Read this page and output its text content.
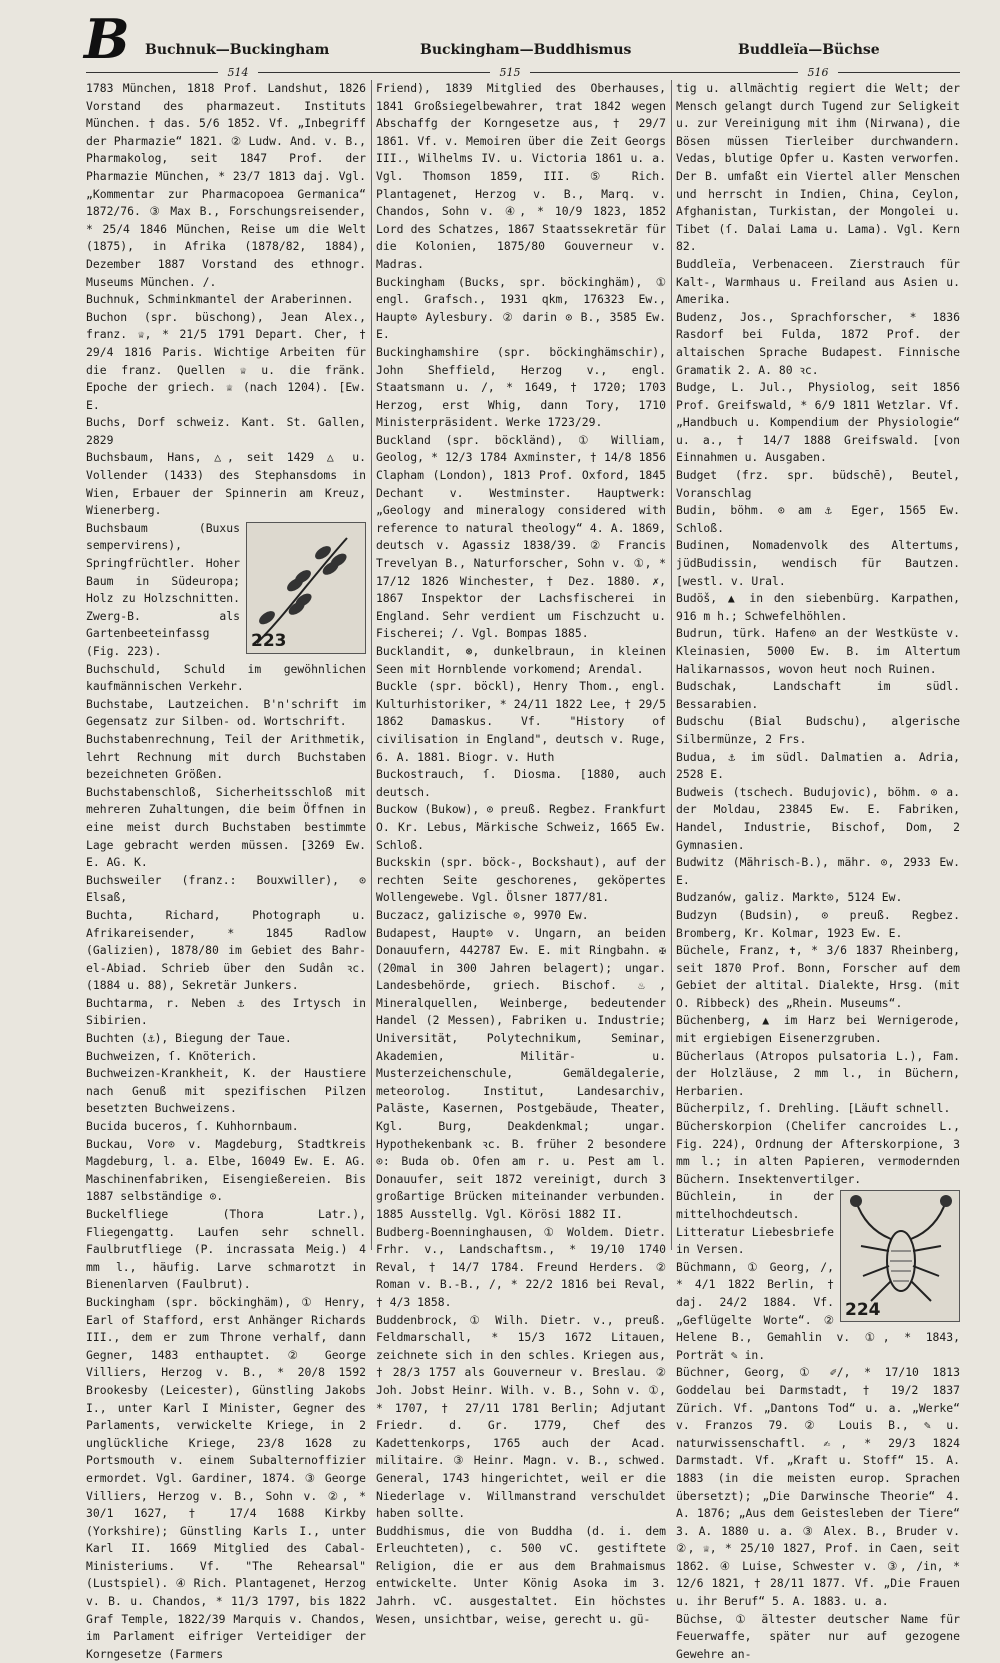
B Buchnuk—Buckingham	Buckingham—Buddhismus	Buddleïa—Büchse
514	515	516

1783 München, 1818 Prof. Landshut, 1826 Vorstand des pharmazeut. Instituts München. † das. 5/6 1852. Vf. „Inbegriff der Pharmazie“ 1821. ② Ludw. And. v. B., Pharmakolog, seit 1847 Prof. der Pharmazie München, * 23/7 1813 daj. Vgl. „Kommentar zur Pharmacopoea Germanica“ 1872/76. ③ Max B., Forschungsreisender, * 25/4 1846 München, Reise um die Welt (1875), in Afrika (1878/82, 1884), Dezember 1887 Vorstand des ethnogr. Museums München. /.

Buchnuk, Schminkmantel der Araberinnen.

Buchon (spr. büschong), Jean Alex., franz. ♕, * 21/5 1791 Depart. Cher, † 29/4 1816 Paris. Wichtige Arbeiten für die franz. Quellen ♕ u. die fränk. Epoche der griech. ♕ (nach 1204). [Ew. E.

Buchs, Dorf schweiz. Kant. St. Gallen, 2829

Buchsbaum, Hans, △, seit 1429 △ u. Vollender (1433) des Stephansdoms in Wien, Erbauer der Spinnerin am Kreuz, Wienerberg.

223

Buchsbaum (Buxus sempervirens), Springfrüchtler. Hoher Baum in Südeuropa; Holz zu Holzschnitten. Zwerg-B. als Gartenbeeteinfassg (Fig. 223).

Buchschuld, Schuld im gewöhnlichen kaufmännischen Verkehr.

Buchstabe, Lautzeichen. B'n'schrift im Gegensatz zur Silben- od. Wortschrift.

Buchstabenrechnung, Teil der Arithmetik, lehrt Rechnung mit durch Buchstaben bezeichneten Größen.

Buchstabenschloß, Sicherheitsschloß mit mehreren Zuhaltungen, die beim Öffnen in eine meist durch Buchstaben bestimmte Lage gebracht werden müssen. [3269 Ew. E. AG. K.

Buchsweiler (franz.: Bouxwiller), ⊙ Elsaß,

Buchta, Richard, Photograph u. Afrikareisender, * 1845 Radlow (Galizien), 1878/80 im Gebiet des Bahr-el-Abiad. Schrieb über den Sudân ꝛc. (1884 u. 88), Sekretär Junkers.

Buchtarma, r. Neben ⚓ des Irtysch in Sibirien.

Buchten (⚓), Biegung der Taue.

Buchweizen, ſ. Knöterich.

Buchweizen-Krankheit, K. der Haustiere nach Genuß mit spezifischen Pilzen besetzten Buchweizens.

Bucida buceros, ſ. Kuhhornbaum.

Buckau, Vor⊙ v. Magdeburg, Stadtkreis Magdeburg, l. a. Elbe, 16049 Ew. E. AG. Maschinenfabriken, Eisengießereien. Bis 1887 selbständige ⊙.

Buckelfliege (Thora Latr.), Fliegengattg. Laufen sehr schnell. Faulbrutfliege (P. incrassata Meig.) 4 mm l., häufig. Larve schmarotzt in Bienenlarven (Faulbrut).

Buckingham (spr. böckinghäm), ① Henry, Earl of Stafford, erst Anhänger Richards III., dem er zum Throne verhalf, dann Gegner, 1483 enthauptet. ② George Villiers, Herzog v. B., * 20/8 1592 Brookesby (Leicester), Günstling Jakobs I., unter Karl I Minister, Gegner des Parlaments, verwickelte Kriege, in 2 unglückliche Kriege, 23/8 1628 zu Portsmouth v. einem Subalternoffizier ermordet. Vgl. Gardiner, 1874. ③ George Villiers, Herzog v. B., Sohn v. ②, * 30/1 1627, † 17/4 1688 Kirkby (Yorkshire); Günstling Karls I., unter Karl II. 1669 Mitglied des Cabal-Ministeriums. Vf. "The Rehearsal" (Lustspiel). ④ Rich. Plantagenet, Herzog v. B. u. Chandos, * 11/3 1797, bis 1822 Graf Temple, 1822/39 Marquis v. Chandos, im Parlament eifriger Verteidiger der Korngesetze (Farmers

Friend), 1839 Mitglied des Oberhauses, 1841 Großsiegelbewahrer, trat 1842 wegen Abschaffg der Korngesetze aus, † 29/7 1861. Vf. v. Memoiren über die Zeit Georgs III., Wilhelms IV. u. Victoria 1861 u. a. Vgl. Thomson 1859, III. ⑤ Rich. Plantagenet, Herzog v. B., Marq. v. Chandos, Sohn v. ④, * 10/9 1823, 1852 Lord des Schatzes, 1867 Staatssekretär für die Kolonien, 1875/80 Gouverneur v. Madras.

Buckingham (Bucks, spr. böckinghäm), ① engl. Grafsch., 1931 qkm, 176323 Ew., Haupt⊙ Aylesbury. ② darin ⊙ B., 3585 Ew. E.

Buckinghamshire (spr. böckinghämschir), John Sheffield, Herzog v., engl. Staatsmann u. /, * 1649, † 1720; 1703 Herzog, erst Whig, dann Tory, 1710 Ministerpräsident. Werke 1723/29.

Buckland (spr. böckländ), ① William, Geolog, * 12/3 1784 Axminster, † 14/8 1856 Clapham (London), 1813 Prof. Oxford, 1845 Dechant v. Westminster. Hauptwerk: „Geology and mineralogy considered with reference to natural theology“ 4. A. 1869, deutsch v. Agassiz 1838/39. ② Francis Trevelyan B., Naturforscher, Sohn v. ①, * 17/12 1826 Winchester, † Dez. 1880. ✗, 1867 Inspektor der Lachsfischerei in England. Sehr verdient um Fischzucht u. Fischerei; /. Vgl. Bompas 1885.

Bucklandit, ⊛, dunkelbraun, in kleinen Seen mit Hornblende vorkomend; Arendal.

Buckle (spr. böckl), Henry Thom., engl. Kulturhistoriker, * 24/11 1822 Lee, † 29/5 1862 Damaskus. Vf. "History of civilisation in England", deutsch v. Ruge, 6. A. 1881. Biogr. v. Huth

Buckostrauch, ſ. Diosma. [1880, auch deutsch.

Buckow (Bukow), ⊙ preuß. Regbez. Frankfurt O. Kr. Lebus, Märkische Schweiz, 1665 Ew. Schloß.

Buckskin (spr. böck-, Bockshaut), auf der rechten Seite geschorenes, geköpertes Wollengewebe. Vgl. Ölsner 1877/81.

Buczacz, galizische ⊙, 9970 Ew.

Budapest, Haupt⊙ v. Ungarn, an beiden Donauufern, 442787 Ew. E. mit Ringbahn. ✠ (20mal in 300 Jahren belagert); ungar. Landesbehörde, griech. Bischof. ♨, Mineralquellen, Weinberge, bedeutender Handel (2 Messen), Fabriken u. Industrie; Universität, Polytechnikum, Seminar, Akademien, Militär- u. Musterzeichenschule, Gemäldegalerie, meteorolog. Institut, Landesarchiv, Paläste, Kasernen, Postgebäude, Theater, Kgl. Burg, Deakdenkmal; ungar. Hypothekenbank ꝛc. B. früher 2 besondere ⊙: Buda ob. Ofen am r. u. Pest am l. Donauufer, seit 1872 vereinigt, durch 3 großartige Brücken miteinander verbunden. 1885 Ausstellg. Vgl. Körösi 1882 II.

Budberg-Boenninghausen, ① Woldem. Dietr. Frhr. v., Landschaftsm., * 19/10 1740 Reval, † 14/7 1784. Freund Herders. ② Roman v. B.-B., /, * 22/2 1816 bei Reval, † 4/3 1858.

Buddenbrock, ① Wilh. Dietr. v., preuß. Feldmarschall, * 15/3 1672 Litauen, zeichnete sich in den schles. Kriegen aus, † 28/3 1757 als Gouverneur v. Breslau. ② Joh. Jobst Heinr. Wilh. v. B., Sohn v. ①, * 1707, † 27/11 1781 Berlin; Adjutant Friedr. d. Gr. 1779, Chef des Kadettenkorps, 1765 auch der Acad. militaire. ③ Heinr. Magn. v. B., schwed. General, 1743 hingerichtet, weil er die Niederlage v. Willmanstrand verschuldet haben sollte.

Buddhismus, die von Buddha (d. i. dem Erleuchteten), c. 500 vC. gestiftete Religion, die er aus dem Brahmaismus entwickelte. Unter König Asoka im 3. Jahrh. vC. ausgestaltet. Ein höchstes Wesen, unsichtbar, weise, gerecht u. gü-

tig u. allmächtig regiert die Welt; der Mensch gelangt durch Tugend zur Seligkeit u. zur Vereinigung mit ihm (Nirwana), die Bösen müssen Tierleiber durchwandern. Vedas, blutige Opfer u. Kasten verworfen. Der B. umfaßt ein Viertel aller Menschen und herrscht in Indien, China, Ceylon, Afghanistan, Turkistan, der Mongolei u. Tibet (ſ. Dalai Lama u. Lama). Vgl. Kern 82.

Buddleïa, Verbenaceen. Zierstrauch für Kalt-, Warmhaus u. Freiland aus Asien u. Amerika.

Budenz, Jos., Sprachforscher, * 1836 Rasdorf bei Fulda, 1872 Prof. der altaischen Sprache Budapest. Finnische Gramatik 2. A. 80 ꝛc.

Budge, L. Jul., Physiolog, seit 1856 Prof. Greifswald, * 6/9 1811 Wetzlar. Vf. „Handbuch u. Kompendium der Physiologie“ u. a., † 14/7 1888 Greifswald. [von Einnahmen u. Ausgaben.

Budget (frz. spr. büdschē), Beutel, Voranschlag

Budin, böhm. ⊙ am ⚓ Eger, 1565 Ew. Schloß.

Budinen, Nomadenvolk des Altertums, jüdBudissin, wendisch für Bautzen. [westl. v. Ural.

Budöš, ▲ in den siebenbürg. Karpathen, 916 m h.; Schwefelhöhlen.

Budrun, türk. Hafen⊙ an der Westküste v. Kleinasien, 5000 Ew. B. im Altertum Halikarnassos, wovon heut noch Ruinen.

Budschak, Landschaft im südl. Bessarabien.

Budschu (Bial Budschu), algerische Silbermünze, 2 Frs.

Budua, ⚓ im südl. Dalmatien a. Adria, 2528 E.

Budweis (tschech. Budujovic), böhm. ⊙ a. der Moldau, 23845 Ew. E. Fabriken, Handel, Industrie, Bischof, Dom, 2 Gymnasien.

Budwitz (Mährisch-B.), mähr. ⊙, 2933 Ew. E.

Budzanów, galiz. Markt⊙, 5124 Ew.

Budzyn (Budsin), ⊙ preuß. Regbez. Bromberg, Kr. Kolmar, 1923 Ew. E.

Büchele, Franz, ✝, * 3/6 1837 Rheinberg, seit 1870 Prof. Bonn, Forscher auf dem Gebiet der altital. Dialekte, Hrsg. (mit O. Ribbeck) des „Rhein. Museums“.

Büchenberg, ▲ im Harz bei Wernigerode, mit ergiebigen Eisenerzgruben.

Bücherlaus (Atropos pulsatoria L.), Fam. der Holzläuse, 2 mm l., in Büchern, Herbarien.

Bücherpilz, ſ. Drehling. [Läuft schnell.

Bücherskorpion (Chelifer cancroides L., Fig. 224), Ordnung der Afterskorpione, 3 mm l.; in alten Papieren, vermodernden Büchern. Insektenvertilger.

224

Büchlein, in der mittelhochdeutsch. Litteratur Liebesbriefe in Versen.

Büchmann, ① Georg, /, * 4/1 1822 Berlin, † daj. 24/2 1884. Vf. „Geflügelte Worte“. ② Helene B., Gemahlin v. ①, * 1843, Porträt ✎ in.

Büchner, Georg, ① ✐/, * 17/10 1813 Goddelau bei Darmstadt, † 19/2 1837 Zürich. Vf. „Dantons Tod“ u. a. „Werke“ v. Franzos 79. ② Louis B., ✎ u. naturwissenschaftl. ✍, * 29/3 1824 Darmstadt. Vf. „Kraft u. Stoff“ 15. A. 1883 (in die meisten europ. Sprachen übersetzt); „Die Darwinsche Theorie“ 4. A. 1876; „Aus dem Geistesleben der Tiere“ 3. A. 1880 u. a. ③ Alex. B., Bruder v. ②, ♕, * 25/10 1827, Prof. in Caen, seit 1862. ④ Luise, Schwester v. ③, /in, * 12/6 1821, † 28/11 1877. Vf. „Die Frauen u. ihr Beruf“ 5. A. 1883. u. a.

Büchse, ① ältester deutscher Name für Feuerwaffe, später nur auf gezogene Gewehre an-
